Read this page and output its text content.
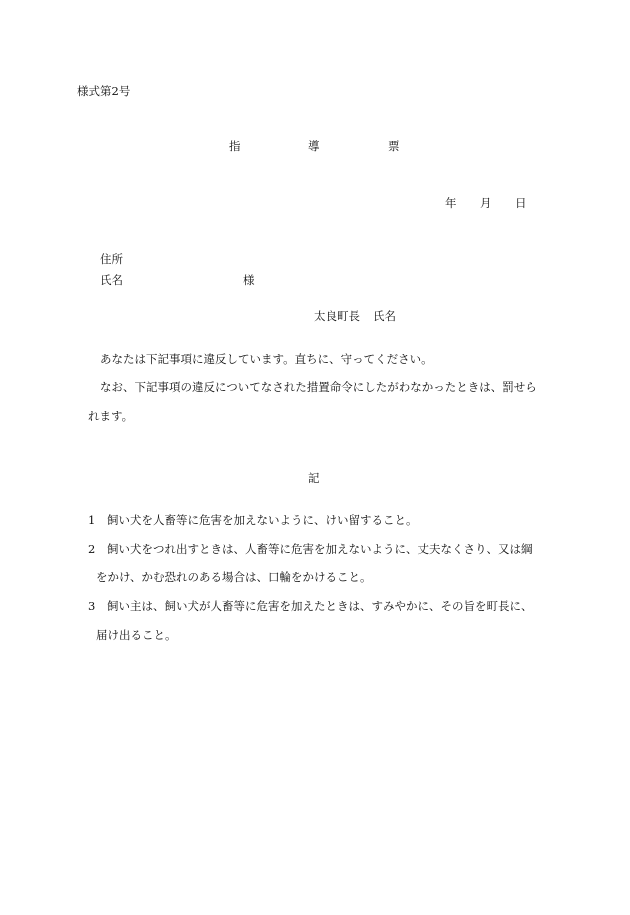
様式第2号
指	導	票
年 月 日
住所
氏名	様
太良町長 氏名
あなたは下記事項に違反しています。直ちに、守ってください。
なお、下記事項の違反についてなされた措置命令にしたがわなかったときは、罰せら
れます。
記
1 飼い犬を人畜等に危害を加えないように、けい留すること。
2 飼い犬をつれ出すときは、人畜等に危害を加えないように、丈夫なくさり、又は綱
をかけ、かむ恐れのある場合は、口輪をかけること。
3 飼い主は、飼い犬が人畜等に危害を加えたときは、すみやかに、その旨を町長に、
届け出ること。
